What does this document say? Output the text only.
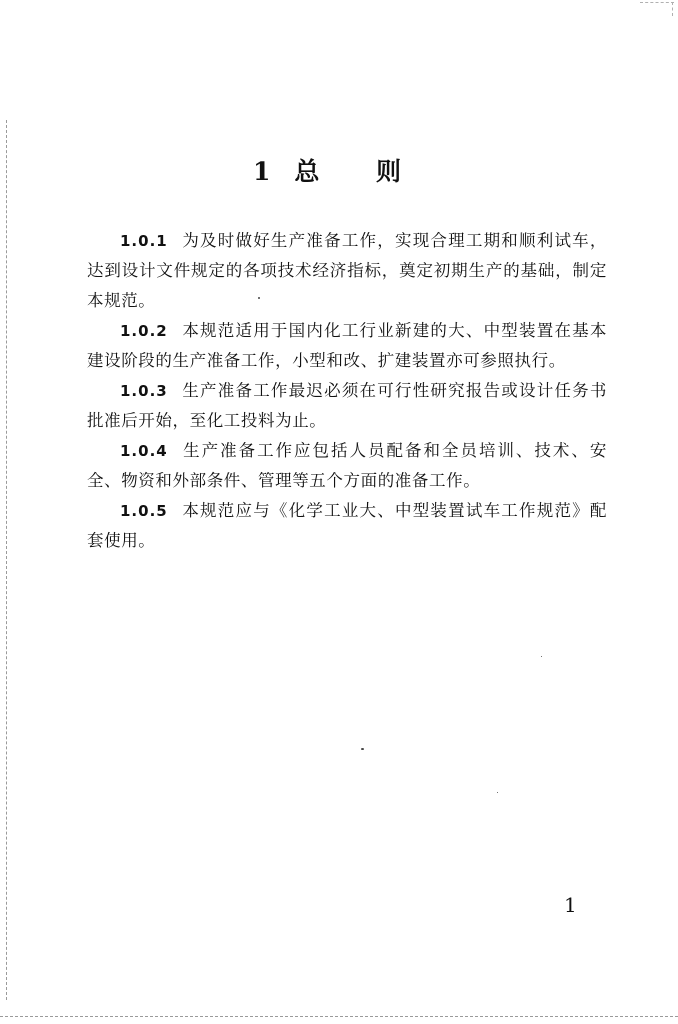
1 总 则

1.0.1 为及时做好生产准备工作，实现合理工期和顺利试车，达到设计文件规定的各项技术经济指标，奠定初期生产的基础，制定本规范。

1.0.2 本规范适用于国内化工行业新建的大、中型装置在基本建设阶段的生产准备工作，小型和改、扩建装置亦可参照执行。

1.0.3 生产准备工作最迟必须在可行性研究报告或设计任务书批准后开始，至化工投料为止。

1.0.4 生产准备工作应包括人员配备和全员培训、技术、安全、物资和外部条件、管理等五个方面的准备工作。

1.0.5 本规范应与《化学工业大、中型装置试车工作规范》配套使用。

1
